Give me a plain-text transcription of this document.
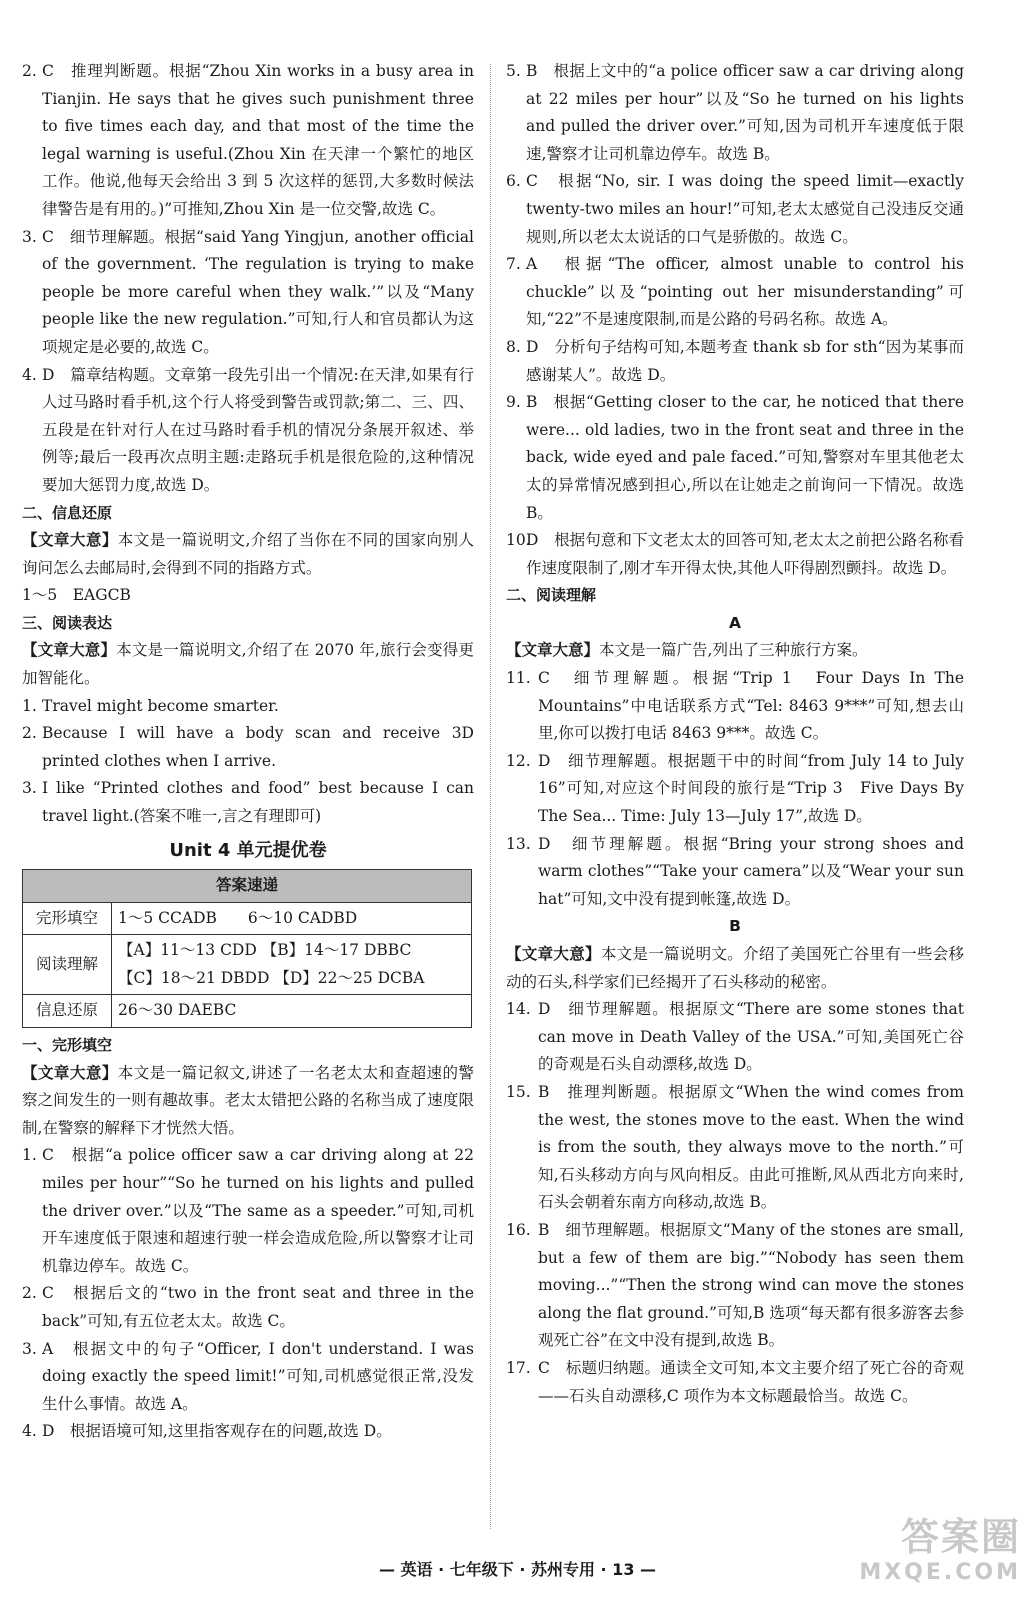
2. C　推理判断题。根据“Zhou Xin works in a busy area in Tianjin. He says that he gives such punishment three to five times each day, and that most of the time the legal warning is useful.(Zhou Xin 在天津一个繁忙的地区工作。他说,他每天会给出 3 到 5 次这样的惩罚,大多数时候法律警告是有用的。)”可推知,Zhou Xin 是一位交警,故选 C。
3. C　细节理解题。根据“said Yang Yingjun, another official of the government. ‘The regulation is trying to make people be more careful when they walk.’”以及“Many people like the new regulation.”可知,行人和官员都认为这项规定是必要的,故选 C。
4. D　篇章结构题。文章第一段先引出一个情况:在天津,如果有行人过马路时看手机,这个行人将受到警告或罚款;第二、三、四、五段是在针对行人在过马路时看手机的情况分条展开叙述、举例等;最后一段再次点明主题:走路玩手机是很危险的,这种情况要加大惩罚力度,故选 D。
二、信息还原
【文章大意】本文是一篇说明文,介绍了当你在不同的国家向别人询问怎么去邮局时,会得到不同的指路方式。
1～5　EAGCB
三、阅读表达
【文章大意】本文是一篇说明文,介绍了在 2070 年,旅行会变得更加智能化。
1. Travel might become smarter.
2. Because I will have a body scan and receive 3D printed clothes when I arrive.
3. I like “Printed clothes and food” best because I can travel light.(答案不唯一,言之有理即可)
Unit 4 单元提优卷
答案速递	
完形填空	1～5 CCADB　　6～10 CADBD
阅读理解	【A】11～13 CDD 【B】14～17 DBBC
【C】18～21 DBDD 【D】22～25 DCBA
信息还原	26～30 DAEBC
一、完形填空
【文章大意】本文是一篇记叙文,讲述了一名老太太和查超速的警察之间发生的一则有趣故事。老太太错把公路的名称当成了速度限制,在警察的解释下才恍然大悟。
1. C　根据“a police officer saw a car driving along at 22 miles per hour”“So he turned on his lights and pulled the driver over.”以及“The same as a speeder.”可知,司机开车速度低于限速和超速行驶一样会造成危险,所以警察才让司机靠边停车。故选 C。
2. C　根据后文的“two in the front seat and three in the back”可知,有五位老太太。故选 C。
3. A　根据文中的句子“Officer, I don't understand. I was doing exactly the speed limit!”可知,司机感觉很正常,没发生什么事情。故选 A。
4. D　根据语境可知,这里指客观存在的问题,故选 D。
5. B　根据上文中的“a police officer saw a car driving along at 22 miles per hour”以及“So he turned on his lights and pulled the driver over.”可知,因为司机开车速度低于限速,警察才让司机靠边停车。故选 B。
6. C　根据“No, sir. I was doing the speed limit—exactly twenty-two miles an hour!”可知,老太太感觉自己没违反交通规则,所以老太太说话的口气是骄傲的。故选 C。
7. A　根据“The officer, almost unable to control his chuckle”以及“pointing out her misunderstanding”可知,“22”不是速度限制,而是公路的号码名称。故选 A。
8. D　分析句子结构可知,本题考查 thank sb for sth“因为某事而感谢某人”。故选 D。
9. B　根据“Getting closer to the car, he noticed that there were... old ladies, two in the front seat and three in the back, wide eyed and pale faced.”可知,警察对车里其他老太太的异常情况感到担心,所以在让她走之前询问一下情况。故选 B。
10.
D　根据句意和下文老太太的回答可知,老太太之前把公路名称看作速度限制了,刚才车开得太快,其他人吓得剧烈颤抖。故选 D。
二、阅读理解
A
【文章大意】本文是一篇广告,列出了三种旅行方案。
11. C　细节理解题。根据“Trip 1　Four Days In The Mountains”中电话联系方式“Tel: 8463 9***”可知,想去山里,你可以拨打电话 8463 9***。故选 C。
12. D　细节理解题。根据题干中的时间“from July 14 to July 16”可知,对应这个时间段的旅行是“Trip 3　Five Days By The Sea... Time: July 13—July 17”,故选 D。
13. D　细节理解题。根据“Bring your strong shoes and warm clothes”“Take your camera”以及“Wear your sun hat”可知,文中没有提到帐篷,故选 D。
B
【文章大意】本文是一篇说明文。介绍了美国死亡谷里有一些会移动的石头,科学家们已经揭开了石头移动的秘密。
14. D　细节理解题。根据原文“There are some stones that can move in Death Valley of the USA.”可知,美国死亡谷的奇观是石头自动漂移,故选 D。
15. B　推理判断题。根据原文“When the wind comes from the west, the stones move to the east. When the wind is from the south, they always move to the north.”可知,石头移动方向与风向相反。由此可推断,风从西北方向来时,石头会朝着东南方向移动,故选 B。
16. B　细节理解题。根据原文“Many of the stones are small, but a few of them are big.”“Nobody has seen them moving...”“Then the strong wind can move the stones along the flat ground.”可知,B 选项“每天都有很多游客去参观死亡谷”在文中没有提到,故选 B。
17. C　标题归纳题。通读全文可知,本文主要介绍了死亡谷的奇观——石头自动漂移,C 项作为本文标题最恰当。故选 C。
— 英语 · 七年级下 · 苏州专用 · 13 —
答案圈
MXQE.COM
